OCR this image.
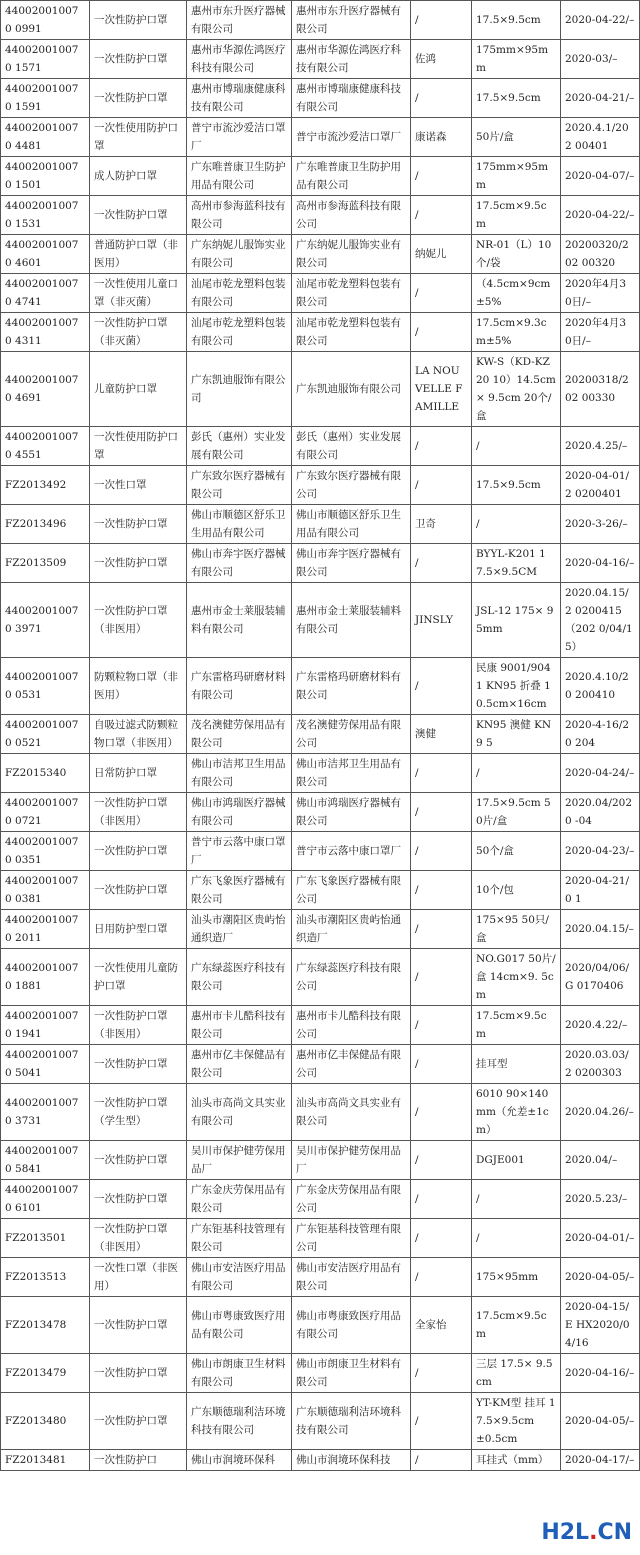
440020010070 0991	一次性防护口罩	惠州市东升医疗器械有限公司	惠州市东升医疗器械有限公司	/	17.5×9.5cm	2020-04-22/–
440020010070 1571	一次性防护口罩	惠州市华源佐鸿医疗科技有限公司	惠州市华源佐鸿医疗科技有限公司	佐鸿	175mm×95mm	2020-03/–
440020010070 1591	一次性防护口罩	惠州市博瑞康健康科技有限公司	惠州市博瑞康健康科技有限公司	/	17.5×9.5cm	2020-04-21/–
440020010070 4481	一次性使用防护口罩	普宁市流沙爱洁口罩厂	普宁市流沙爱洁口罩厂	康诺森	50片/盒	2020.4.1/202 00401
440020010070 1501	成人防护口罩	广东唯普康卫生防护用品有限公司	广东唯普康卫生防护用品有限公司	/	175mm×95mm	2020-04-07/–
440020010070 1531	一次性防护口罩	高州市参海蓝科技有限公司	高州市参海蓝科技有限公司	/	17.5cm×9.5c m	2020-04-22/–
440020010070 4601	普通防护口罩（非医用）	广东纳妮儿服饰实业有限公司	广东纳妮儿服饰实业有限公司	纳妮儿	NR-01（L）10个/袋	20200320/202 00320
440020010070 4741	一次性使用儿童口罩（非灭菌）	汕尾市乾龙塑料包装有限公司	汕尾市乾龙塑料包装有限公司	/	（4.5cm×9cm ±5%	2020年4月3 0日/–
440020010070 4311	一次性防护口罩（非灭菌）	汕尾市乾龙塑料包装有限公司	汕尾市乾龙塑料包装有限公司	/	17.5cm×9.3c m±5%	2020年4月3 0日/–
440020010070 4691	儿童防护口罩	广东凯迪服饰有限公司	广东凯迪服饰有限公司	LA NOUVELLE FAMILLE	KW-S（KD-KZ20 10）14.5cm× 9.5cm 20个/盒	20200318/202 00330
440020010070 4551	一次性使用防护口罩	彭氏（惠州）实业发展有限公司	彭氏（惠州）实业发展有限公司	/	/	2020.4.25/–
FZ2013492	一次性口罩	广东致尔医疗器械有限公司	广东致尔医疗器械有限公司	/	17.5×9.5cm	2020-04-01/2 0200401
FZ2013496	一次性防护口罩	佛山市顺德区舒乐卫生用品有限公司	佛山市顺德区舒乐卫生用品有限公司	卫奇	/	2020-3-26/–
FZ2013509	一次性防护口罩	佛山市奔宇医疗器械有限公司	佛山市奔宇医疗器械有限公司	/	BYYL-K201 1 7.5×9.5CM	2020-04-16/–
440020010070 3971	一次性防护口罩（非医用）	惠州市金士莱服装辅料有限公司	惠州市金士莱服装辅料有限公司	JINSLY	JSL-12 175× 95mm	2020.04.15/2 0200415（202 0/04/15）
440020010070 0531	防颗粒物口罩（非医用）	广东雷格玛研磨材料有限公司	广东雷格玛研磨材料有限公司	/	民康 9001/904 1 KN95 折叠 1 0.5cm×16cm	2020.4.10/20 200410
440020010070 0521	自吸过滤式防颗粒物口罩（非医用）	茂名澳健劳保用品有限公司	茂名澳健劳保用品有限公司	澳健	KN95 澳健 KN9 5	2020-4-16/20 204
FZ2015340	日常防护口罩	佛山市洁邦卫生用品有限公司	佛山市洁邦卫生用品有限公司	/	/	2020-04-24/–
440020010070 0721	一次性防护口罩（非医用）	佛山市鸿瑞医疗器械有限公司	佛山市鸿瑞医疗器械有限公司	/	17.5×9.5cm 50片/盒	2020.04/2020 -04
440020010070 0351	一次性防护口罩	普宁市云落中康口罩厂	普宁市云落中康口罩厂	/	50个/盒	2020-04-23/–
440020010070 0381	一次性防护口罩	广东飞象医疗器械有限公司	广东飞象医疗器械有限公司	/	10个/包	2020-04-21/0 1
440020010070 2011	日用防护型口罩	汕头市潮阳区贵屿怡通织造厂	汕头市潮阳区贵屿怡通织造厂	/	175×95 50只/盒	2020.04.15/–
440020010070 1881	一次性使用儿童防护口罩	广东绿蕊医疗科技有限公司	广东绿蕊医疗科技有限公司	/	NO.G017 50片/盒 14cm×9. 5cm	2020/04/06/G 0170406
440020010070 1941	一次性防护口罩（非医用）	惠州市卡儿酷科技有限公司	惠州市卡儿酷科技有限公司	/	17.5cm×9.5c m	2020.4.22/–
440020010070 5041	一次性防护口罩	惠州市亿丰保健品有限公司	惠州市亿丰保健品有限公司	/	挂耳型	2020.03.03/2 0200303
440020010070 3731	一次性防护口罩（学生型）	汕头市高尚文具实业有限公司	汕头市高尚文具实业有限公司	/	6010 90×140 mm（允差±1c m）	2020.04.26/–
440020010070 5841	一次性防护口罩	吴川市保护健劳保用品厂	吴川市保护健劳保用品厂	/	DGJE001	2020.04/–
440020010070 6101	一次性防护口罩	广东金庆劳保用品有限公司	广东金庆劳保用品有限公司	/	/	2020.5.23/–
FZ2013501	一次性防护口罩（非医用）	广东钜基科技管理有限公司	广东钜基科技管理有限公司	/	/	2020-04-01/–
FZ2013513	一次性口罩（非医用）	佛山市安洁医疗用品有限公司	佛山市安洁医疗用品有限公司	/	175×95mm	2020-04-05/–
FZ2013478	一次性防护口罩	佛山市粤康致医疗用品有限公司	佛山市粤康致医疗用品有限公司	全家怡	17.5cm×9.5c m	2020-04-15/E HX2020/04/16
FZ2013479	一次性防护口罩	佛山市朗康卫生材料有限公司	佛山市朗康卫生材料有限公司	/	三层 17.5× 9.5cm	2020-04-16/–
FZ2013480	一次性防护口罩	广东顺德瑞利洁环境科技有限公司	广东顺德瑞利洁环境科技有限公司	/	YT-KM型 挂耳 17.5×9.5cm ±0.5cm	2020-04-05/–
FZ2013481	一次性防护口	佛山市润境环保科	佛山市润境环保科技	/	耳挂式（mm）	2020-04-17/–
H2L.CN
